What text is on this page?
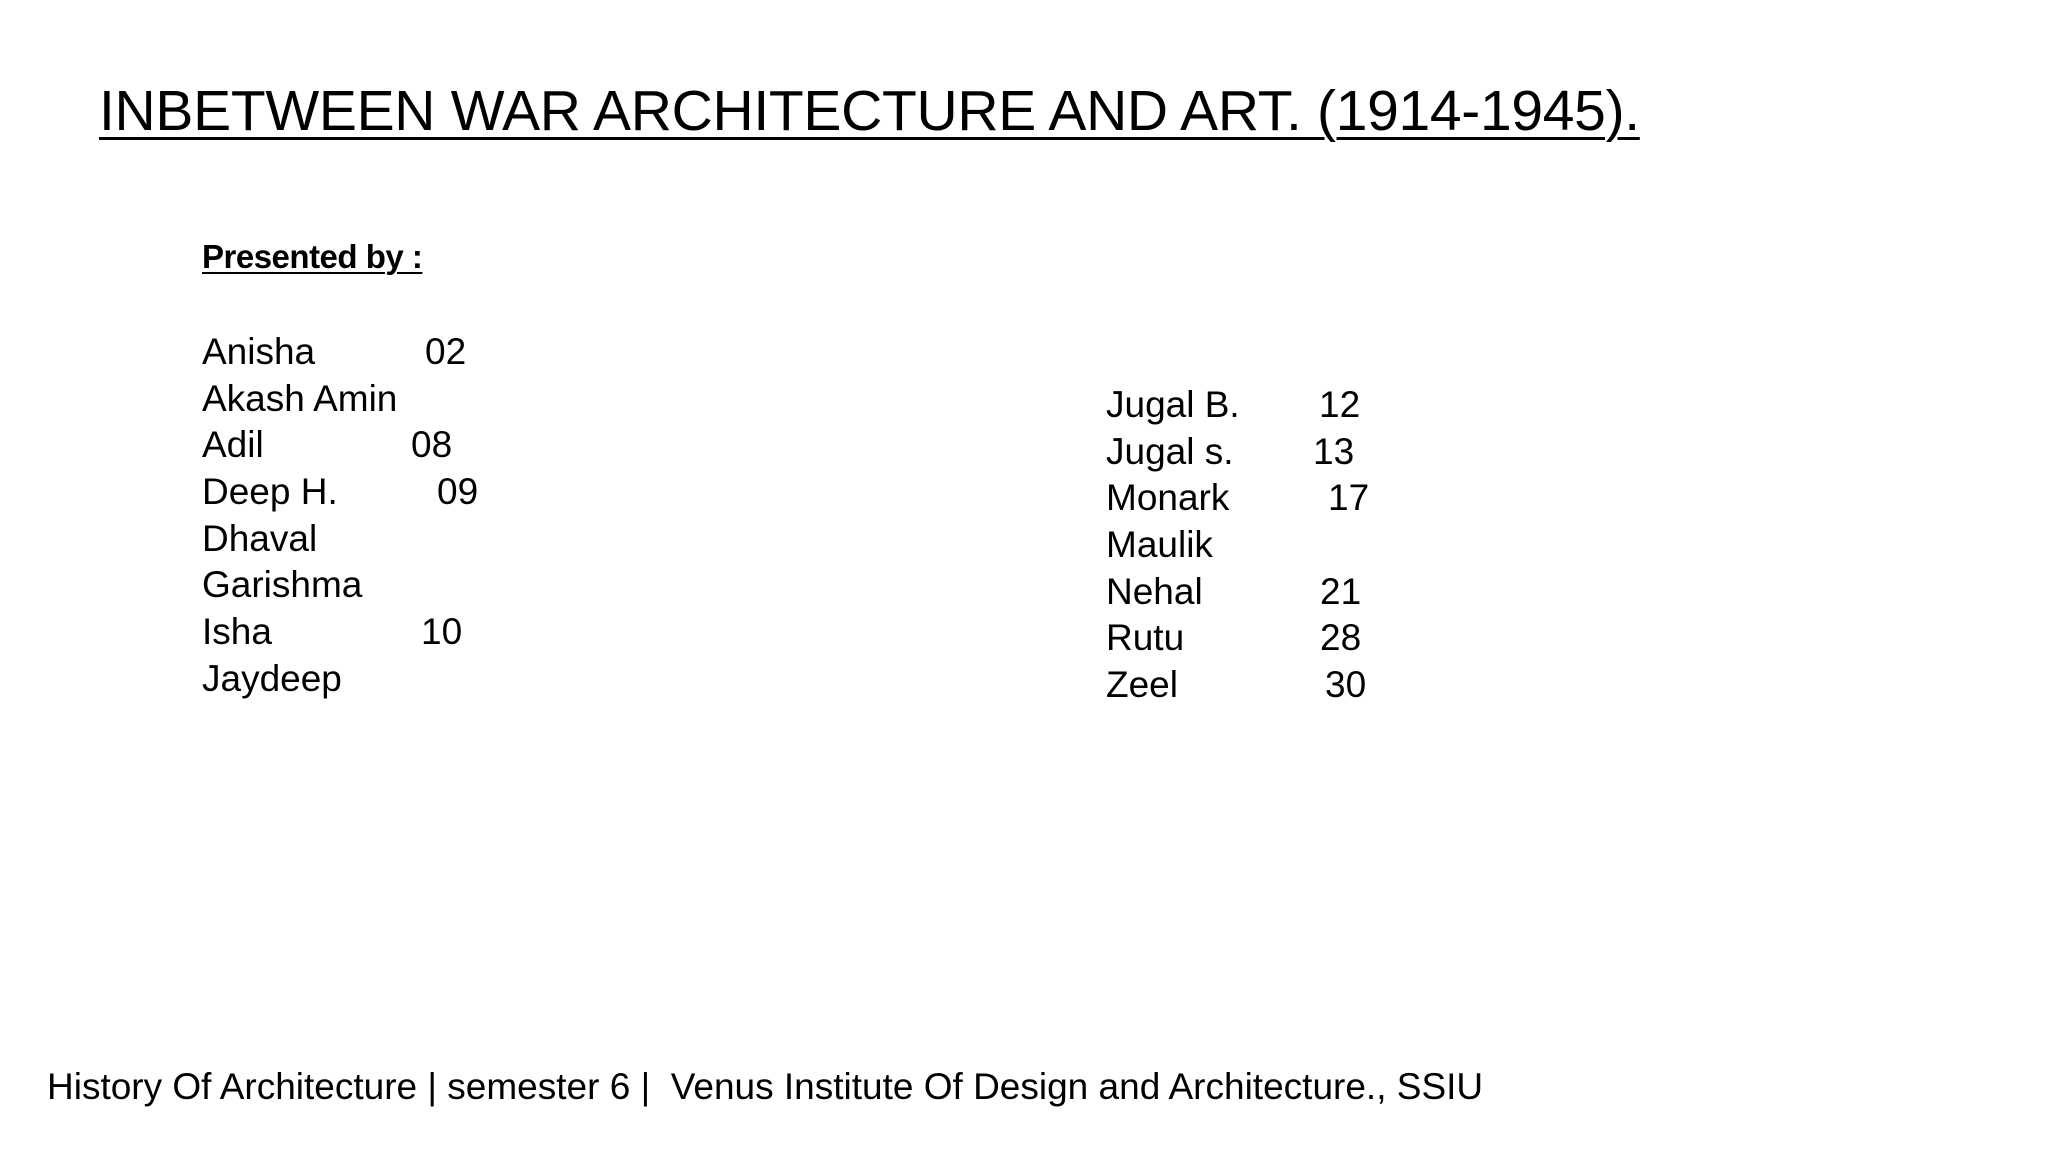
INBETWEEN WAR ARCHITECTURE AND ART. (1914-1945).
Presented by :
Anisha	02
Akash Amin
Adil	08
Deep H.	09
Dhaval
Garishma
Isha	10
Jaydeep
Jugal B. 12
Jugal s. 13
Monark	17
Maulik
Nehal	21
Rutu	28
Zeel	30
History Of Architecture | semester 6 |  Venus Institute Of Design and Architecture., SSIU
